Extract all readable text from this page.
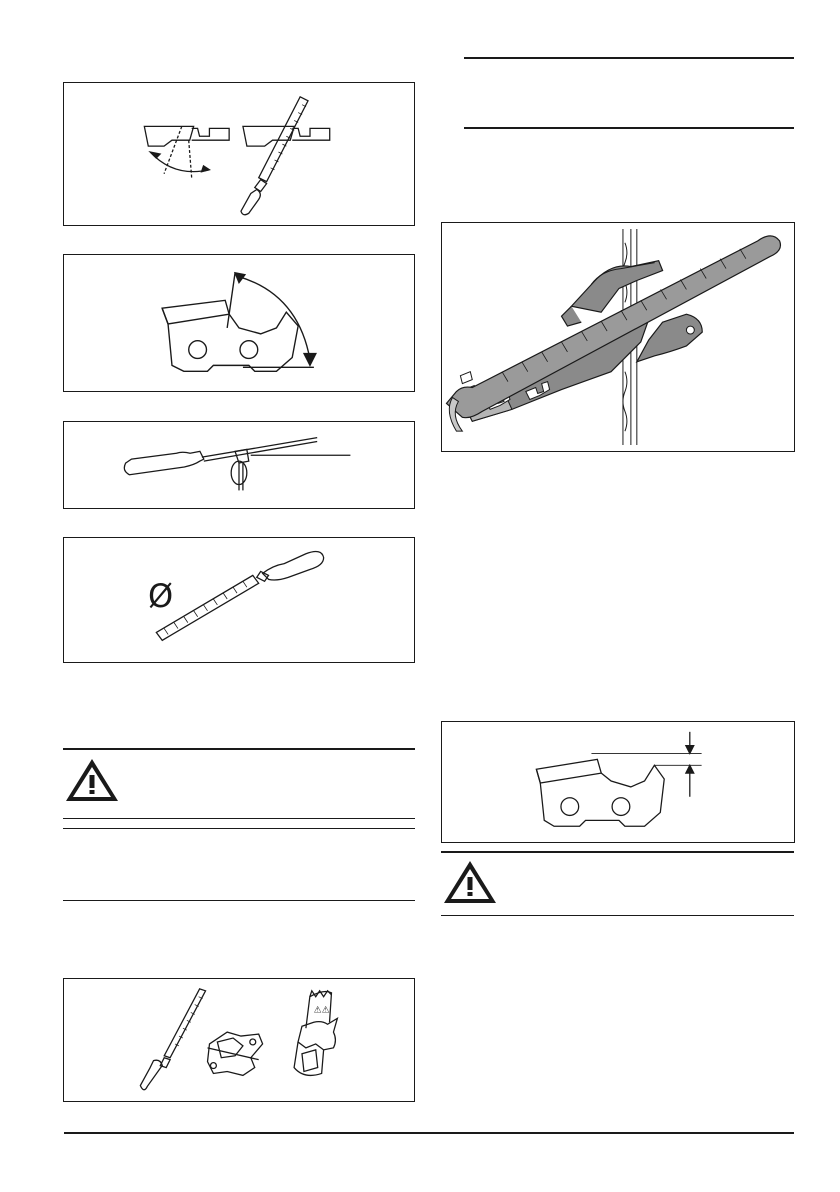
Ø
⚠⚠
